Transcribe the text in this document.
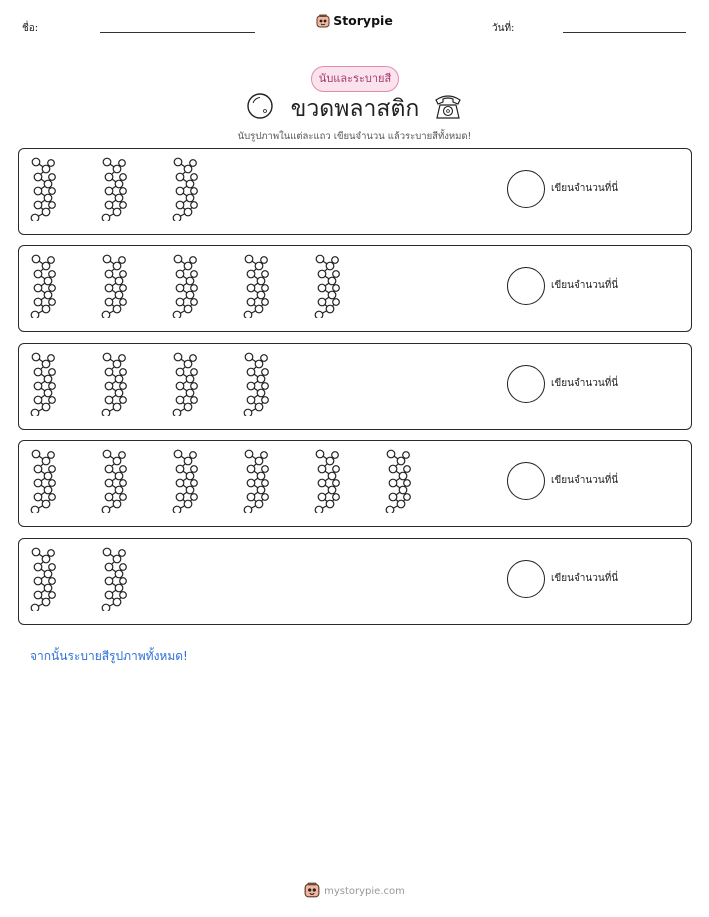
ชื่อ:
Storypie
วันที่:
นับและระบายสี
ขวดพลาสติก
นับรูปภาพในแต่ละแถว เขียนจำนวน แล้วระบายสีทั้งหมด!
เขียนจำนวนที่นี่
เขียนจำนวนที่นี่
เขียนจำนวนที่นี่
เขียนจำนวนที่นี่
เขียนจำนวนที่นี่
จากนั้นระบายสีรูปภาพทั้งหมด!
mystorypie.com
